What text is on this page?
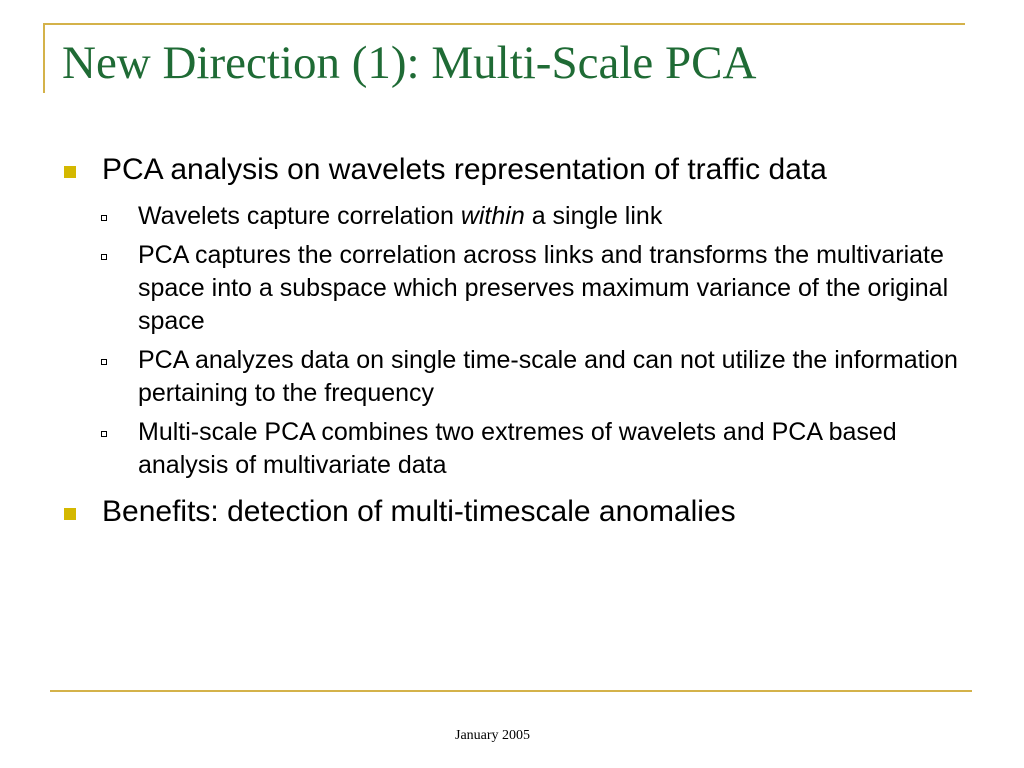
New Direction (1): Multi-Scale PCA
PCA analysis on wavelets representation of traffic data
Wavelets capture correlation within a single link
PCA captures the correlation across links and transforms the multivariate space into a subspace which preserves maximum variance of the original space
PCA analyzes data on single time-scale and can not utilize the information pertaining to the frequency
Multi-scale PCA combines two extremes of wavelets and PCA based analysis of multivariate data
Benefits: detection of multi-timescale anomalies
January 2005
